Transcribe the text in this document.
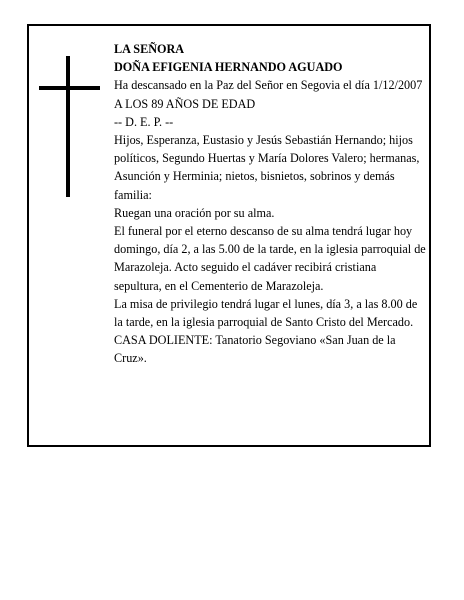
LA SEÑORA

DOÑA EFIGENIA HERNANDO AGUADO

Ha descansado en la Paz del Señor en Segovia el día 1/12/2007

A LOS 89 AÑOS DE EDAD

-- D. E. P. --

Hijos, Esperanza, Eustasio y Jesús Sebastián Hernando; hijos políticos, Segundo Huertas y María Dolores Valero; hermanas, Asunción y Herminia; nietos, bisnietos, sobrinos y demás familia:

Ruegan una oración por su alma.

El funeral por el eterno descanso de su alma tendrá lugar hoy domingo, día 2, a las 5.00 de la tarde, en la iglesia parroquial de Marazoleja. Acto seguido el cadáver recibirá cristiana sepultura, en el Cementerio de Marazoleja.

La misa de privilegio tendrá lugar el lunes, día 3, a las 8.00 de la tarde, en la iglesia parroquial de Santo Cristo del Mercado.

CASA DOLIENTE: Tanatorio Segoviano «San Juan de la Cruz».
